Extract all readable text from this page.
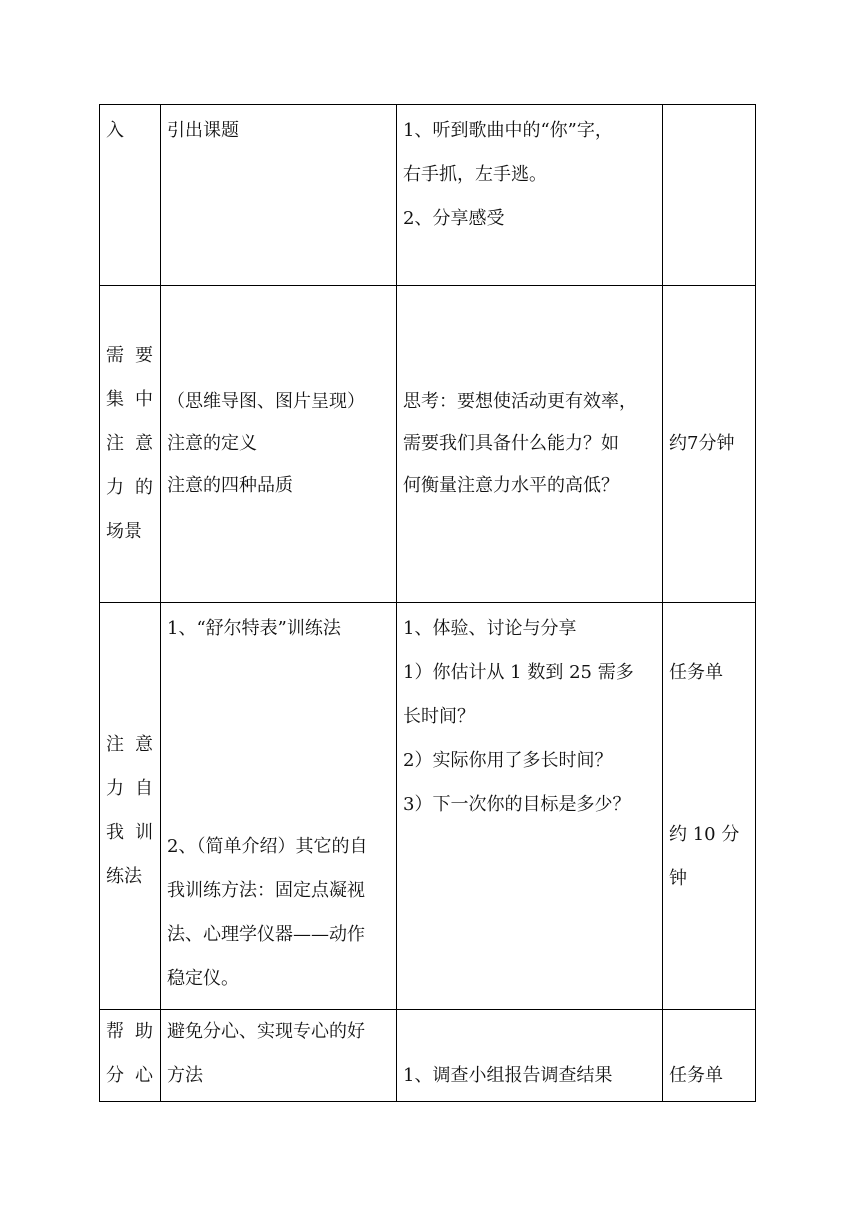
入	引出课题	1、听到歌曲中的“你”字，
右手抓，左手逃。
2、分享感受	

需要
集中
注意
力的
场景	（思维导图、图片呈现）
注意的定义
注意的四种品质	思考：要想使活动更有效率，
需要我们具备什么能力？如
何衡量注意力水平的高低？	约7分钟

注意
力自
我训
练法	1、“舒尔特表”训练法
2、（简单介绍）其它的自
我训练方法：固定点凝视
法、心理学仪器——动作
稳定仪。	1、体验、讨论与分享
1）你估计从 1 数到 25 需多
长时间？
2）实际你用了多长时间？
3）下一次你的目标是多少？	任务单
约 10 分
钟

帮助
分心	避免分心、实现专心的好
方法	1、调查小组报告调查结果	任务单
